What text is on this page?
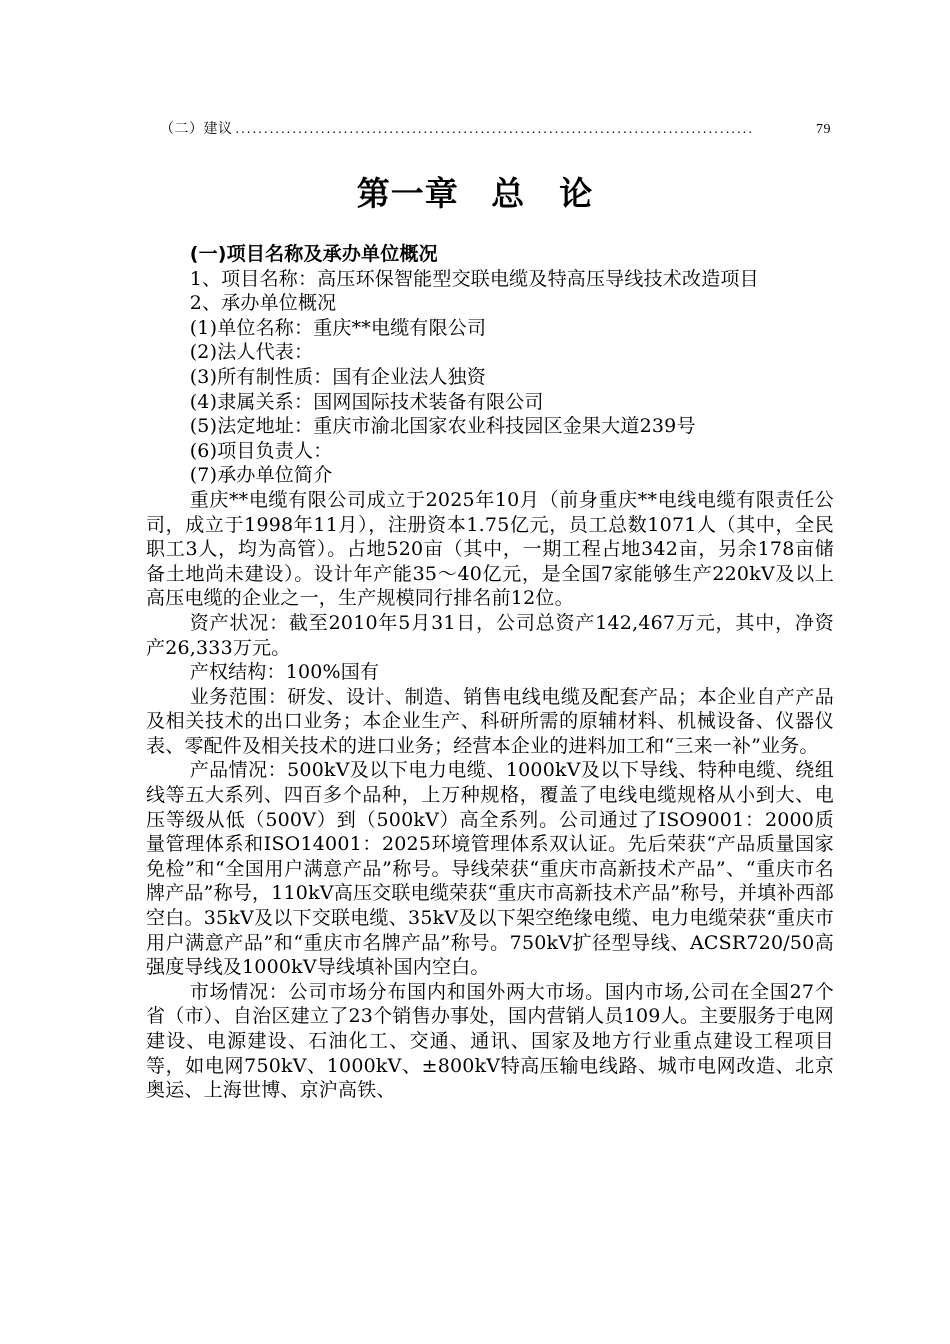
（二）建议 ...........................................................................................	79
第一章 总　论

(一)项目名称及承办单位概况

1、项目名称：高压环保智能型交联电缆及特高压导线技术改造项目

2、承办单位概况

(1)单位名称：重庆**电缆有限公司

(2)法人代表：

(3)所有制性质：国有企业法人独资

(4)隶属关系：国网国际技术装备有限公司

(5)法定地址：重庆市渝北国家农业科技园区金果大道239号

(6)项目负责人：

(7)承办单位简介

重庆**电缆有限公司成立于2025年10月（前身重庆**电线电缆有限责任公司，成立于1998年11月），注册资本1.75亿元，员工总数1071人（其中，全民职工3人，均为高管）。占地520亩（其中，一期工程占地342亩，另余178亩储备土地尚未建设）。设计年产能35～40亿元，是全国7家能够生产220kV及以上高压电缆的企业之一，生产规模同行排名前12位。

资产状况：截至2010年5月31日，公司总资产142,467万元，其中，净资产26,333万元。

产权结构：100%国有

业务范围：研发、设计、制造、销售电线电缆及配套产品；本企业自产产品及相关技术的出口业务；本企业生产、科研所需的原辅材料、机械设备、仪器仪表、零配件及相关技术的进口业务；经营本企业的进料加工和“三来一补”业务。

产品情况：500kV及以下电力电缆、1000kV及以下导线、特种电缆、绕组线等五大系列、四百多个品种，上万种规格，覆盖了电线电缆规格从小到大、电压等级从低（500V）到（500kV）高全系列。公司通过了ISO9001：2000质量管理体系和ISO14001：2025环境管理体系双认证。先后荣获“产品质量国家免检”和“全国用户满意产品”称号。导线荣获“重庆市高新技术产品”、“重庆市名牌产品”称号，110kV高压交联电缆荣获“重庆市高新技术产品”称号，并填补西部空白。35kV及以下交联电缆、35kV及以下架空绝缘电缆、电力电缆荣获“重庆市用户满意产品”和“重庆市名牌产品”称号。750kV扩径型导线、ACSR720/50高强度导线及1000kV导线填补国内空白。

市场情况：公司市场分布国内和国外两大市场。国内市场,公司在全国27个省（市）、自治区建立了23个销售办事处，国内营销人员109人。主要服务于电网建设、电源建设、石油化工、交通、通讯、国家及地方行业重点建设工程项目等，如电网750kV、1000kV、±800kV特高压输电线路、城市电网改造、北京奥运、上海世博、京沪高铁、
